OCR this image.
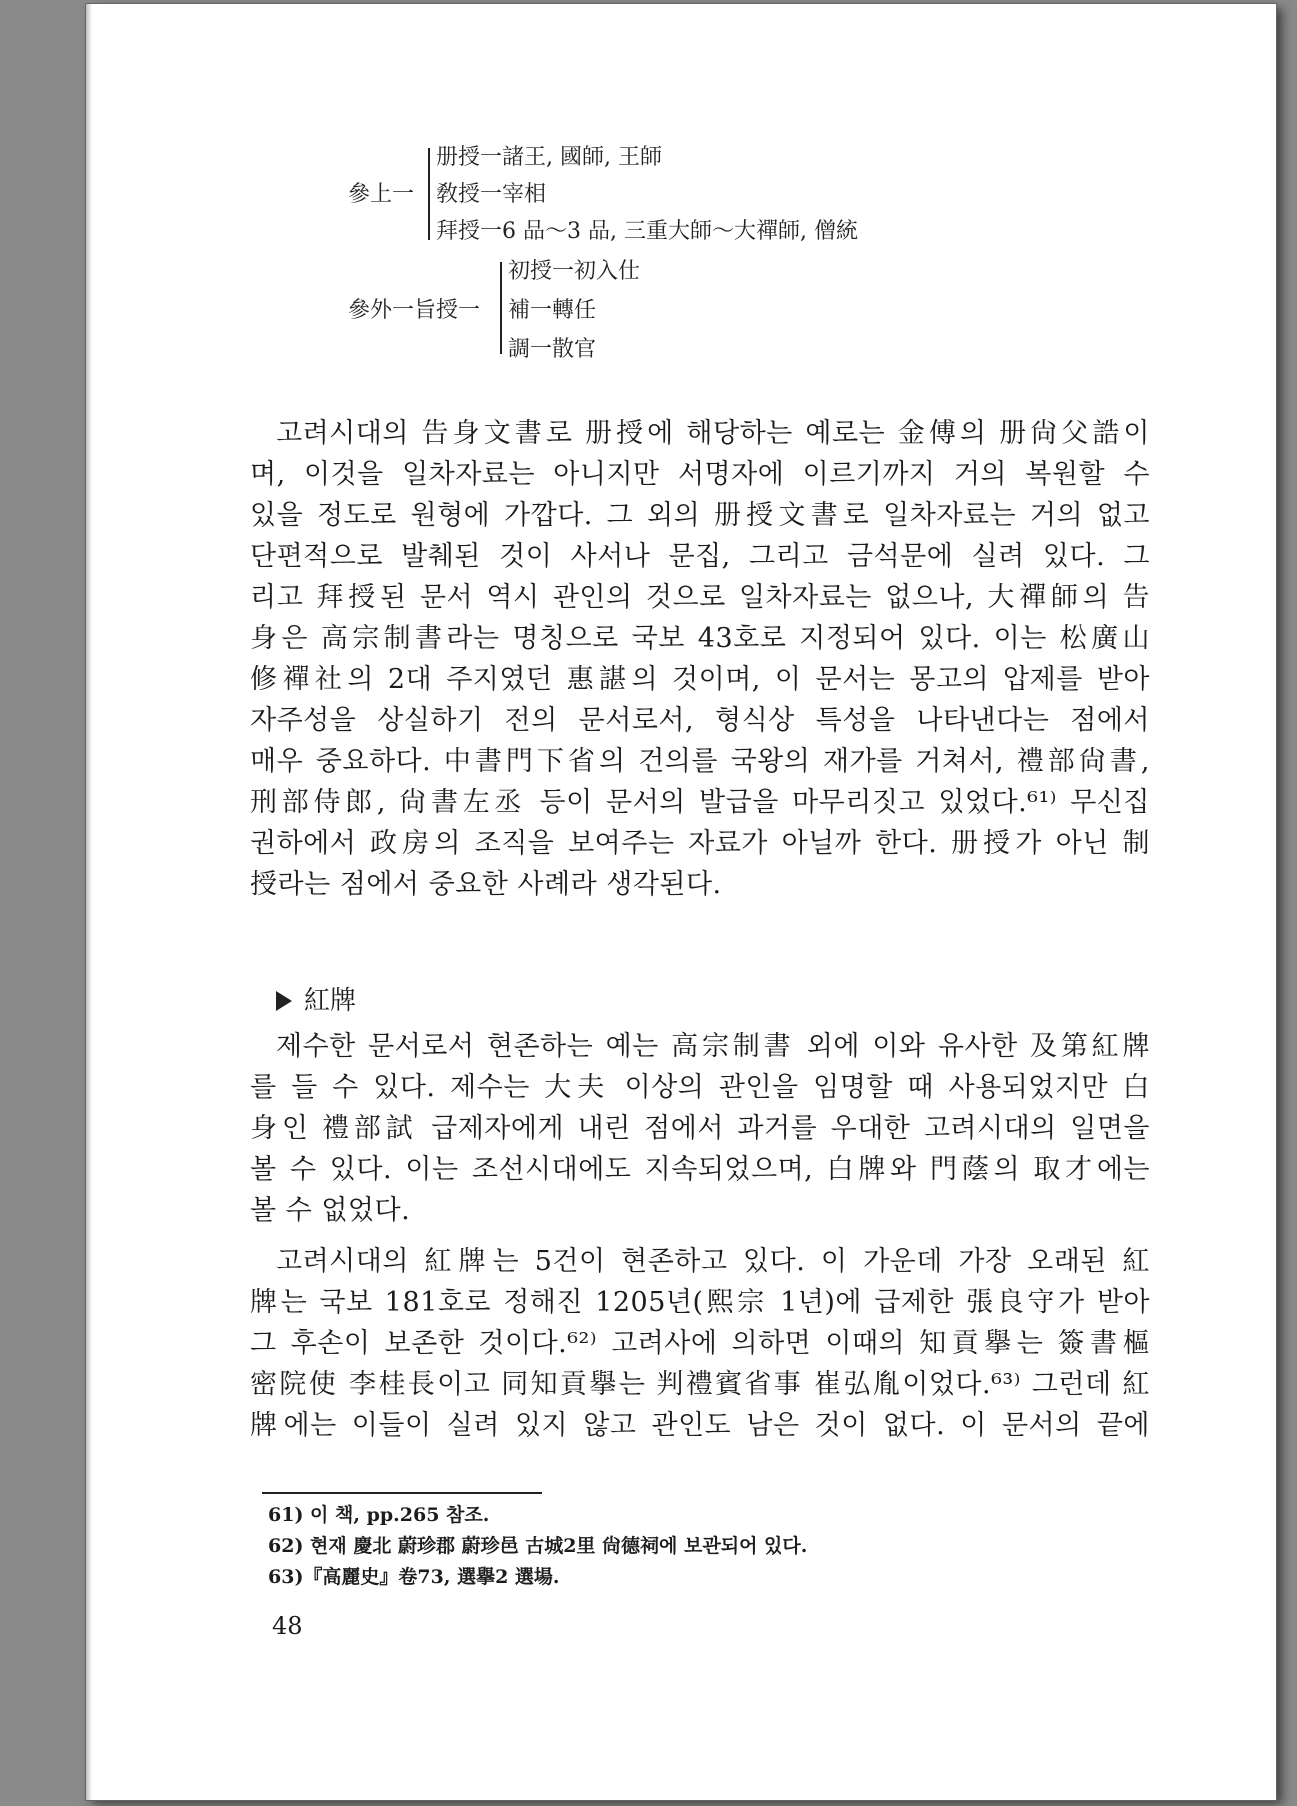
參上一
册授一諸王, 國師, 王師
敎授一宰相
拜授一6 品〜3 品, 三重大師〜大禪師, 僧統
參外一旨授一
初授一初入仕
補一轉任
調一散官
고려시대의 告身文書로 册授에 해당하는 예로는 金傅의 册尙父誥이
며, 이것을 일차자료는 아니지만 서명자에 이르기까지 거의 복원할 수
있을 정도로 원형에 가깝다. 그 외의 册授文書로 일차자료는 거의 없고
단편적으로 발췌된 것이 사서나 문집, 그리고 금석문에 실려 있다. 그
리고 拜授된 문서 역시 관인의 것으로 일차자료는 없으나, 大禪師의 告
身은 高宗制書라는 명칭으로 국보 43호로 지정되어 있다. 이는 松廣山
修禪社의 2대 주지였던 惠諶의 것이며, 이 문서는 몽고의 압제를 받아
자주성을 상실하기 전의 문서로서, 형식상 특성을 나타낸다는 점에서
매우 중요하다. 中書門下省의 건의를 국왕의 재가를 거쳐서, 禮部尙書,
刑部侍郎, 尙書左丞 등이 문서의 발급을 마무리짓고 있었다.⁶¹⁾ 무신집
권하에서 政房의 조직을 보여주는 자료가 아닐까 한다. 册授가 아닌 制
授라는 점에서 중요한 사례라 생각된다.
紅牌
제수한 문서로서 현존하는 예는 高宗制書 외에 이와 유사한 及第紅牌
를 들 수 있다. 제수는 大夫 이상의 관인을 임명할 때 사용되었지만 白
身인 禮部試 급제자에게 내린 점에서 과거를 우대한 고려시대의 일면을
볼 수 있다. 이는 조선시대에도 지속되었으며, 白牌와 門蔭의 取才에는
볼 수 없었다.
고려시대의 紅牌는 5건이 현존하고 있다. 이 가운데 가장 오래된 紅
牌는 국보 181호로 정해진 1205년(熙宗 1년)에 급제한 張良守가 받아
그 후손이 보존한 것이다.⁶²⁾ 고려사에 의하면 이때의 知貢擧는 簽書樞
密院使 李桂長이고 同知貢擧는 判禮賓省事 崔弘胤이었다.⁶³⁾ 그런데 紅
牌에는 이들이 실려 있지 않고 관인도 남은 것이 없다. 이 문서의 끝에
61) 이 책, pp.265 참조.
62) 현재 慶北 蔚珍郡 蔚珍邑 古城2里 尙德祠에 보관되어 있다.
63)『高麗史』卷73, 選擧2 選場.
48
